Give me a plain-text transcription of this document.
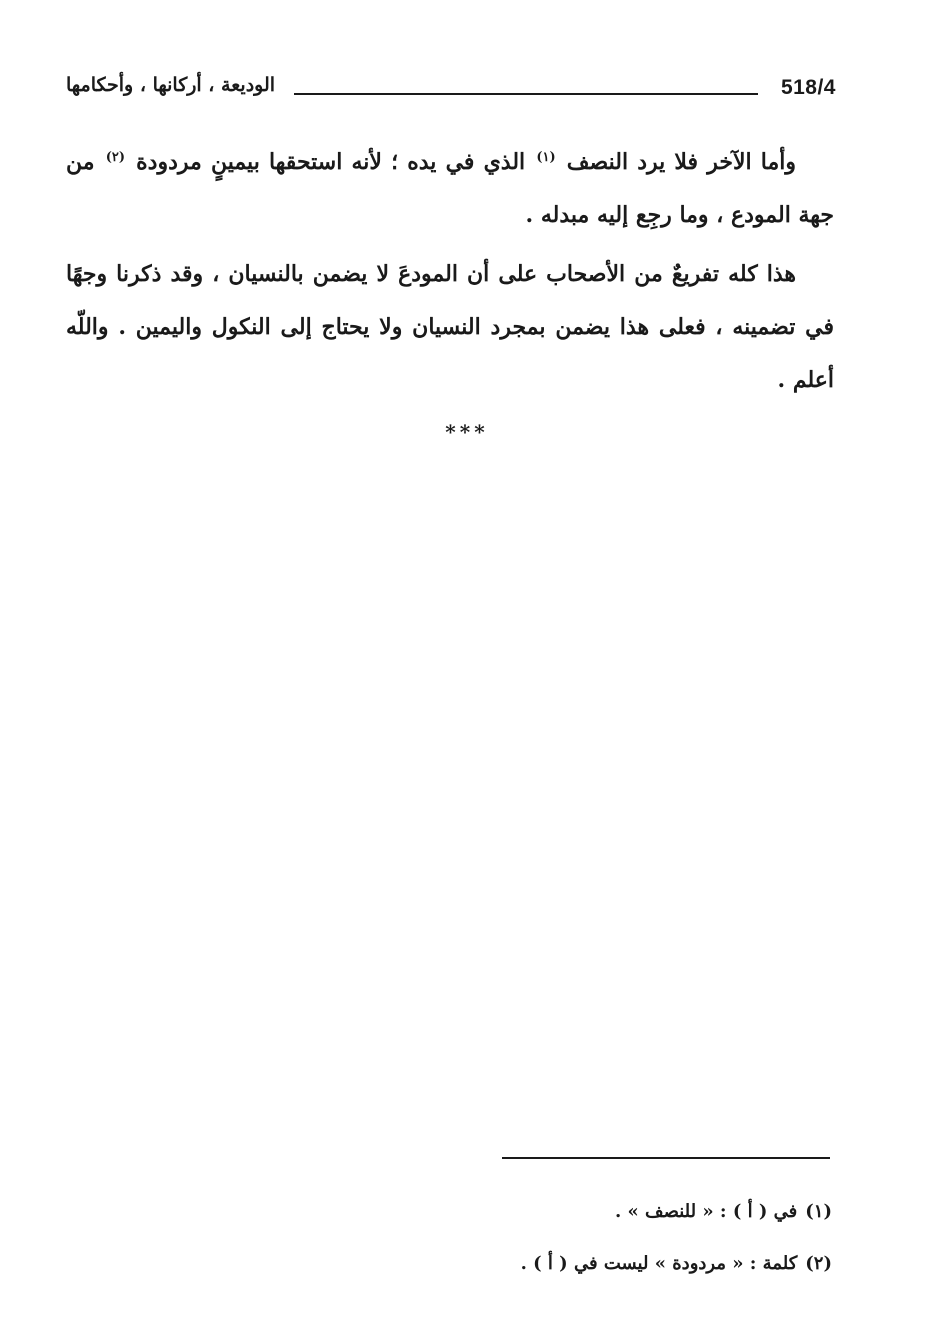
518/4
الوديعة ، أركانها ، وأحكامها

وأما الآخر فلا يرد النصف $^{(١)}$ الذي في يده ؛ لأنه استحقها بيمينٍ مردودة $^{(٢)}$ من جهة المودع ، وما رجِع إليه مبدله .

هذا كله تفريعٌ من الأصحاب على أن المودعَ لا يضمن بالنسيان ، وقد ذكرنا وجهًا في تضمينه ، فعلى هذا يضمن بمجرد النسيان ولا يحتاج إلى النكول واليمين . واللّه أعلم .

***

(١)في ( أ ) : « للنصف » .

(٢)كلمة : « مردودة » ليست في ( أ ) .
